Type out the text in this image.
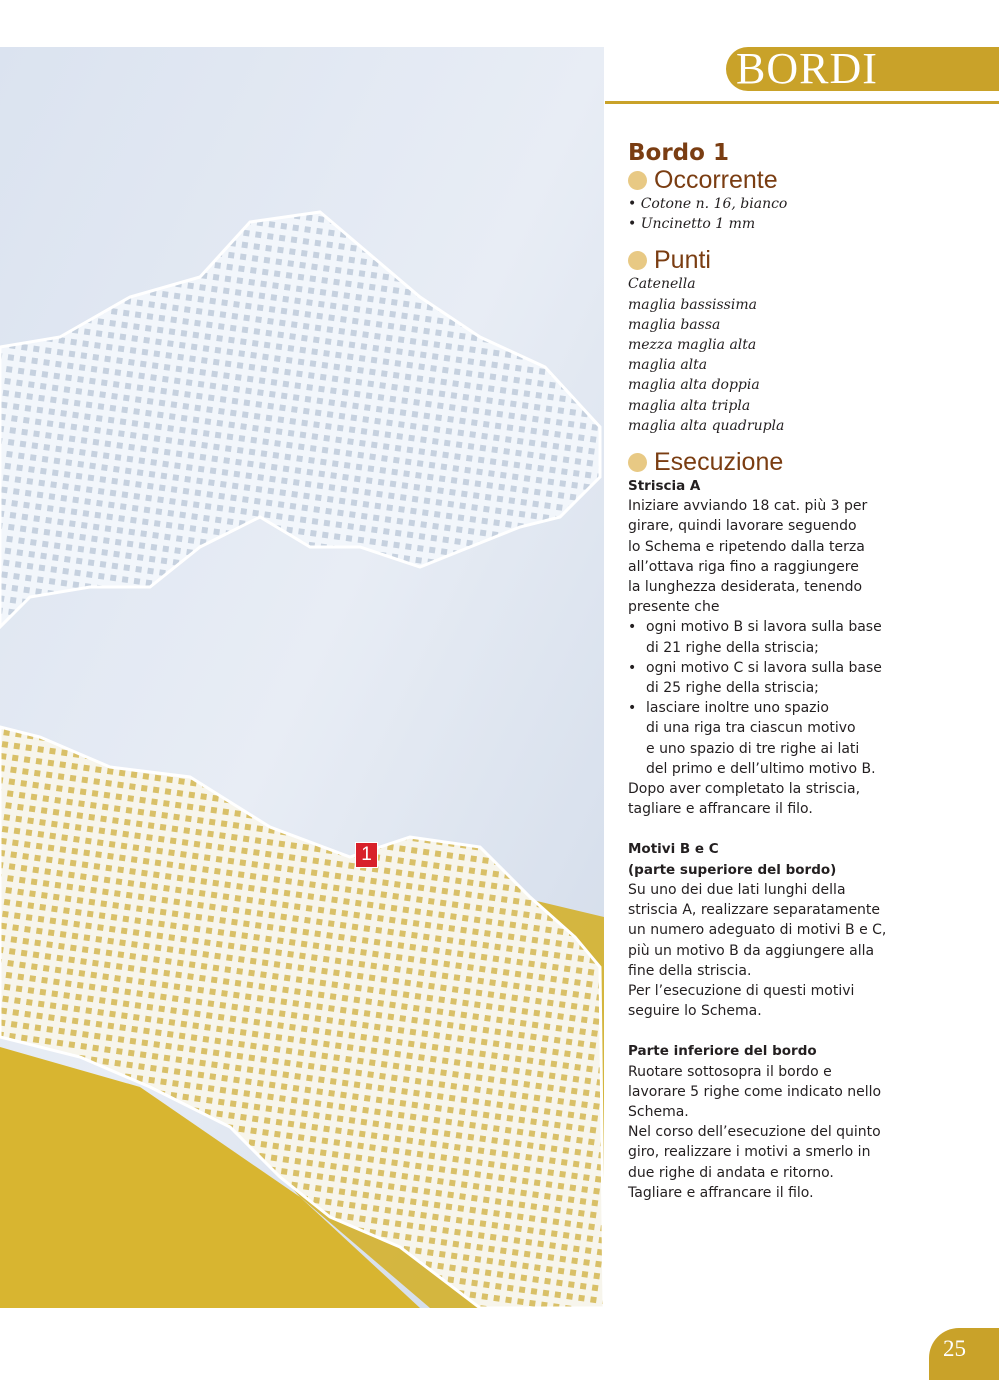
1
BORDI

Bordo 1

Occorrente

• Cotone n. 16, bianco

• Uncinetto 1 mm

Punti

Catenella

maglia bassissima

maglia bassa

mezza maglia alta

maglia alta

maglia alta doppia

maglia alta tripla

maglia alta quadrupla

Esecuzione

Striscia A

Iniziare avviando 18 cat. più 3 per

girare, quindi lavorare seguendo

lo Schema e ripetendo dalla terza

all’ottava riga fino a raggiungere

la lunghezza desiderata, tenendo

presente che

• ogni motivo B si lavora sulla base

di 21 righe della striscia;

• ogni motivo C si lavora sulla base

di 25 righe della striscia;

• lasciare inoltre uno spazio

di una riga tra ciascun motivo

e uno spazio di tre righe ai lati

del primo e dell’ultimo motivo B.

Dopo aver completato la striscia,

tagliare e affrancare il filo.

Motivi B e C

(parte superiore del bordo)

Su uno dei due lati lunghi della

striscia A, realizzare separatamente

un numero adeguato di motivi B e C,

più un motivo B da aggiungere alla

fine della striscia.

Per l’esecuzione di questi motivi

seguire lo Schema.

Parte inferiore del bordo

Ruotare sottosopra il bordo e

lavorare 5 righe come indicato nello

Schema.

Nel corso dell’esecuzione del quinto

giro, realizzare i motivi a smerlo in

due righe di andata e ritorno.

Tagliare e affrancare il filo.

25
